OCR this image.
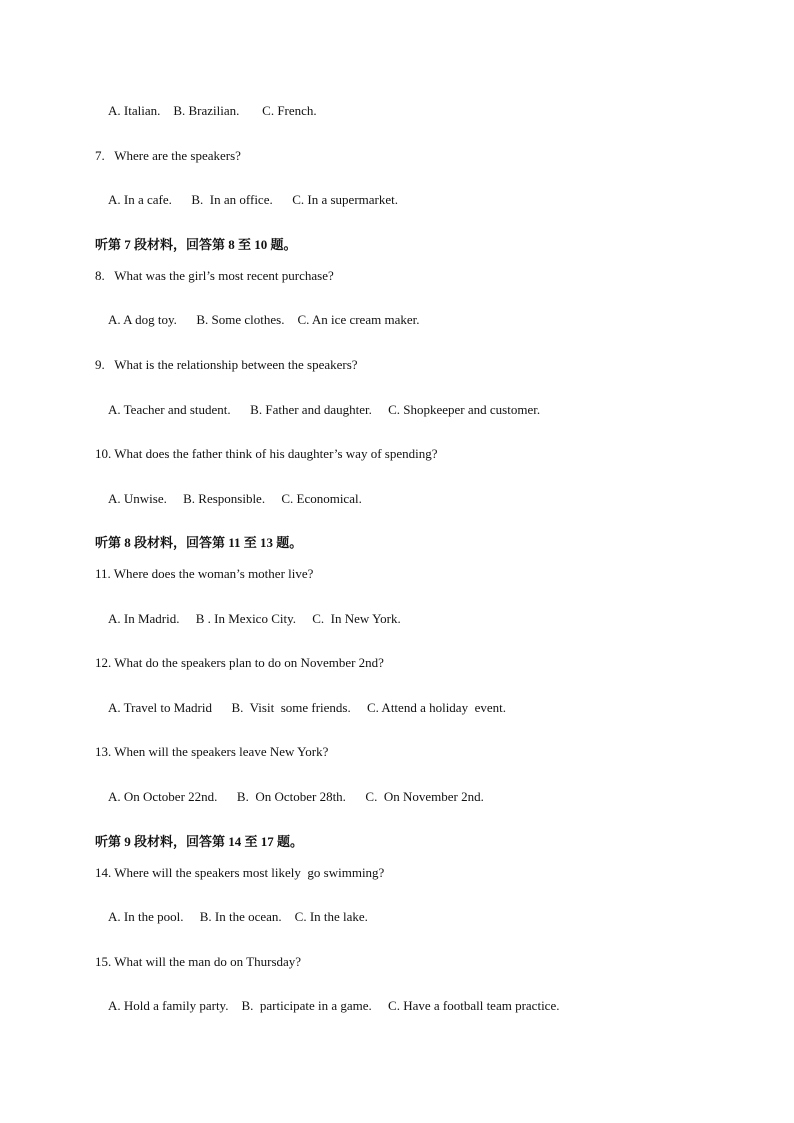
A. Italian.    B. Brazilian.       C. French.
7.   Where are the speakers?
A. In a cafe.      B.  In an office.      C. In a supermarket.
听第 7 段材料，回答第 8 至 10 题。
8.   What was the girl’s most recent purchase?
A. A dog toy.      B. Some clothes.    C. An ice cream maker.
9.   What is the relationship between the speakers?
A. Teacher and student.      B. Father and daughter.     C. Shopkeeper and customer.
10. What does the father think of his daughter’s way of spending?
A. Unwise.     B. Responsible.     C. Economical.
听第 8 段材料，回答第 11 至 13 题。
11. Where does the woman’s mother live?
A. In Madrid.     B . In Mexico City.     C.  In New York.
12. What do the speakers plan to do on November 2nd?
A. Travel to Madrid      B.  Visit  some friends.     C. Attend a holiday  event.
13. When will the speakers leave New York?
A. On October 22nd.      B.  On October 28th.      C.  On November 2nd.
听第 9 段材料，回答第 14 至 17 题。
14. Where will the speakers most likely  go swimming?
A. In the pool.     B. In the ocean.    C. In the lake.
15. What will the man do on Thursday?
A. Hold a family party.    B.  participate in a game.     C. Have a football team practice.
